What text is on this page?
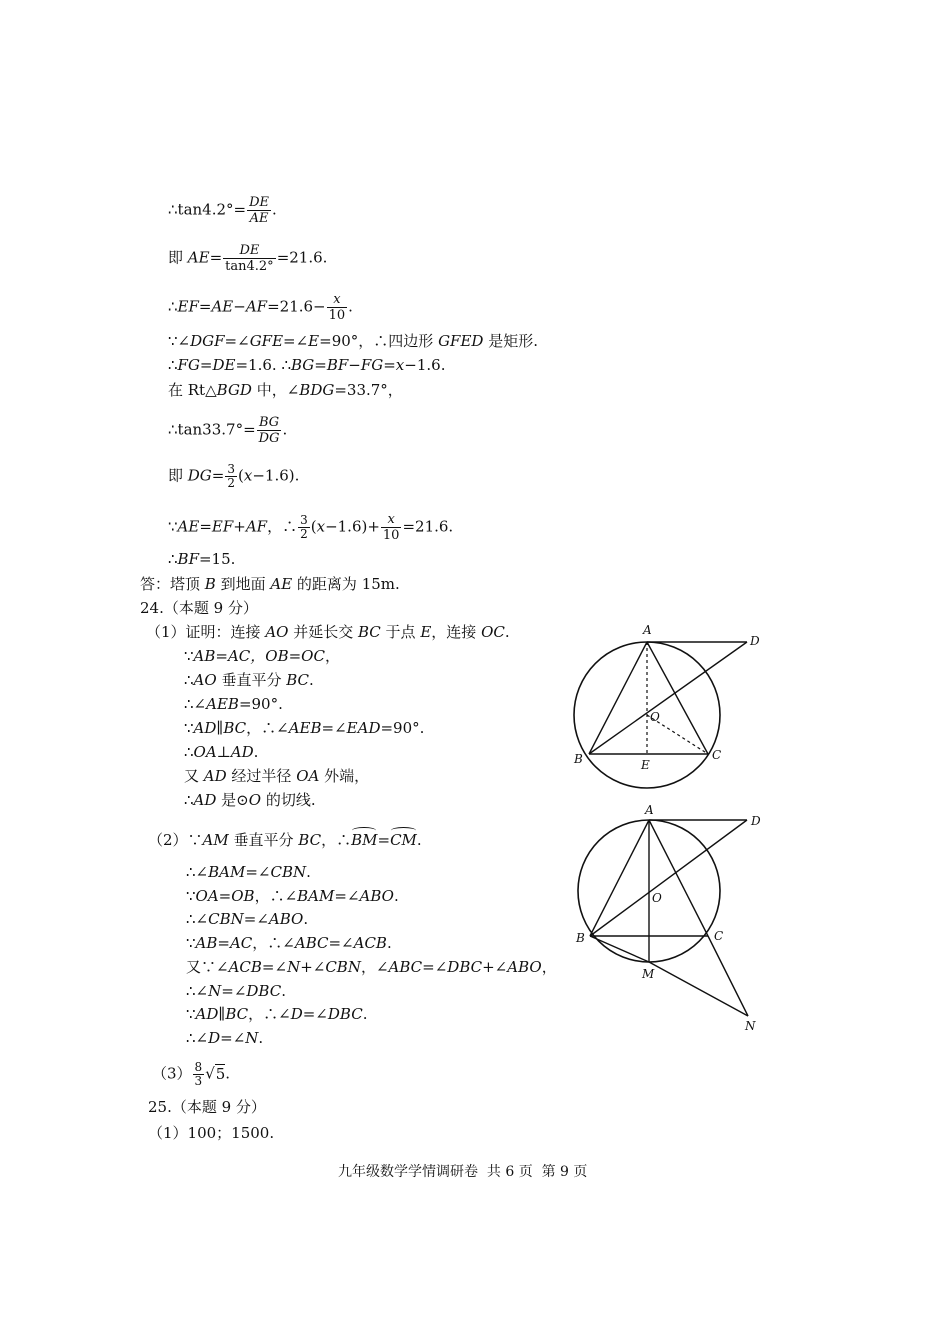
∴tan4.2°= $\frac{DE}{AE}$ .
即 $AE= \frac{DE}{\tan 4.2^\circ} =21.6$.
∴EF=AE−AF=21.6− $\frac{x}{10}$ .
∵∠DGF=∠GFE=∠E=90°，∴四边形 GFED 是矩形.
∴FG=DE=1.6. ∴BG=BF−FG=x−1.6.
在 Rt△BGD 中，∠BDG=33.7°，
∴tan33.7°= $\frac{BG}{DG}$ .
即 $DG= \frac{3}{2} (x-1.6)$.
∵AE=EF+AF，∴ $\frac{3}{2} (x-1.6)+ \frac{x}{10} =21.6$.
∴BF=15.
答：塔顶 B 到地面 AE 的距离为 15m.
24.（本题 9 分）
（1）证明：连接 AO 并延长交 BC 于点 E，连接 OC.
∵AB=AC，OB=OC，
∴AO 垂直平分 BC.
∴∠AEB=90°.
∵AD∥BC，∴∠AEB=∠EAD=90°.
∴OA⊥AD.
又 AD 经过半径 OA 外端，
∴AD 是⊙O 的切线.
（2）∵AM 垂直平分 BC，∴BM=CM.
∴∠BAM=∠CBN.
∵OA=OB，∴∠BAM=∠ABO.
∴∠CBN=∠ABO.
∵AB=AC，∴∠ABC=∠ACB.
又∵∠ACB=∠N+∠CBN，∠ABC=∠DBC+∠ABO，
∴∠N=∠DBC.
∵AD∥BC，∴∠D=∠DBC.
∴∠D=∠N.
$(3) \frac{8}{3} √5$.
25.（本题 9 分）
（1）100；1500.
A
D
O
B	E
C
A
D
O
B	C
M
N
九年级数学学情调研卷  共 6 页  第 9 页
